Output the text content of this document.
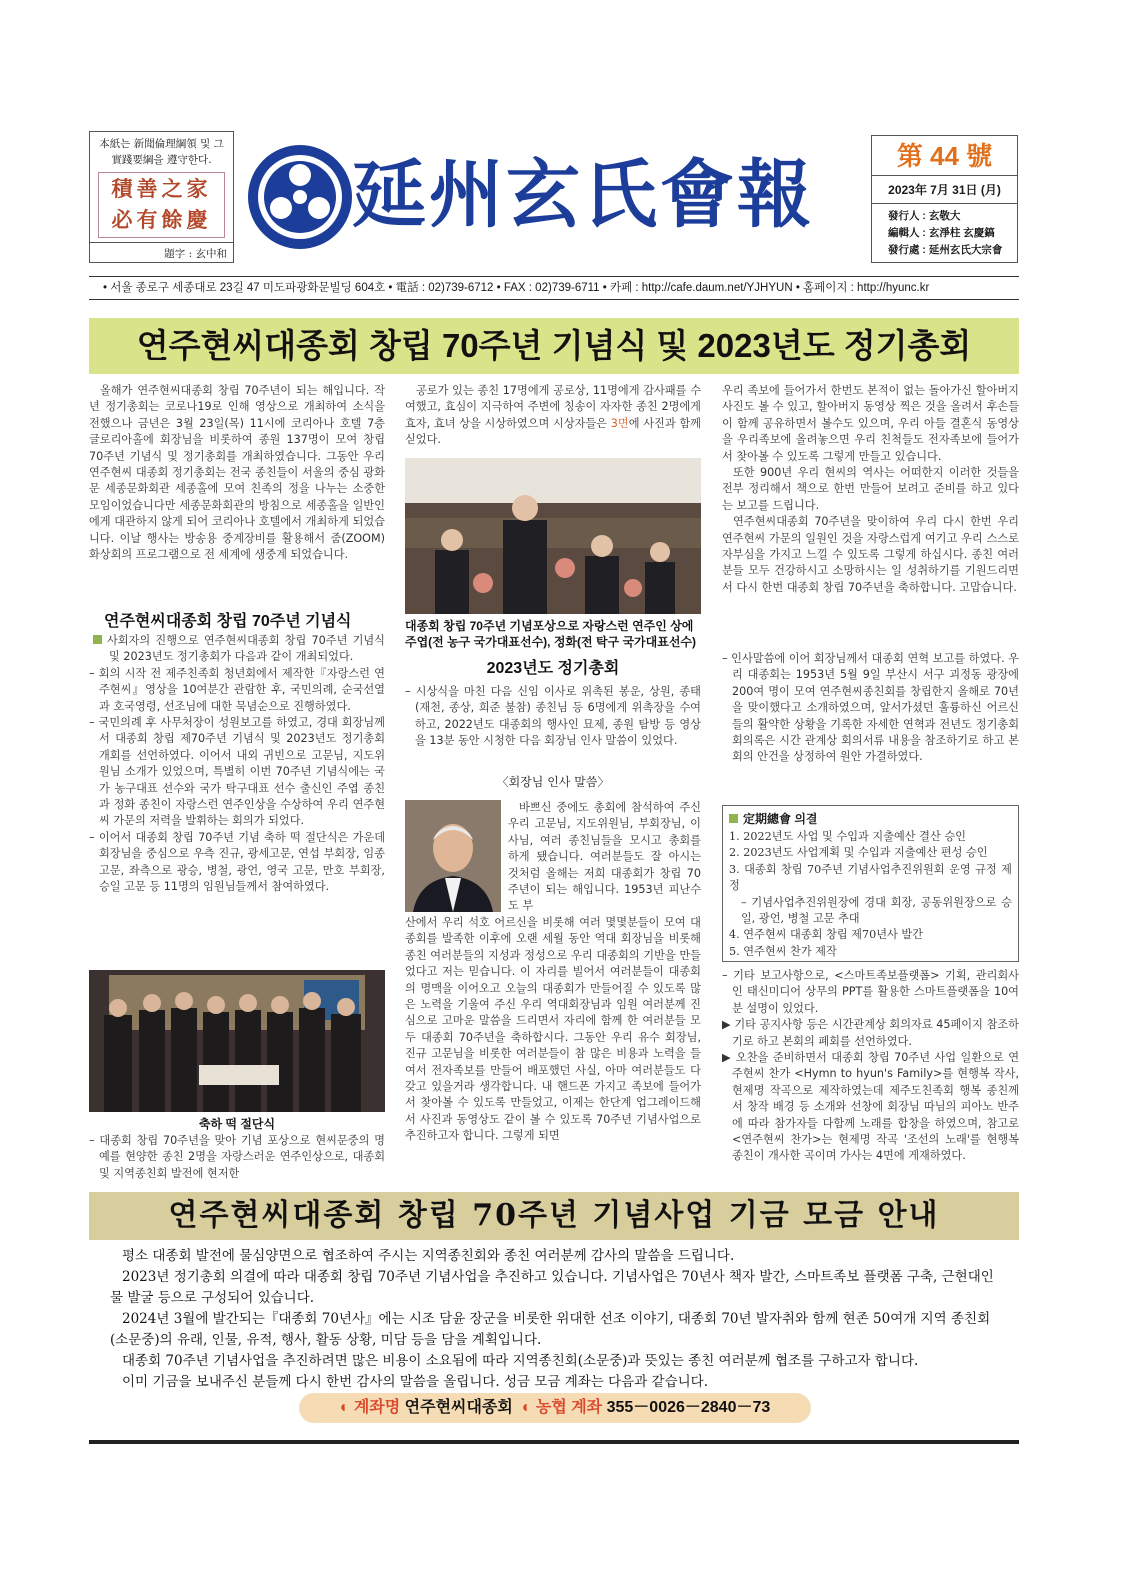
本紙는 新聞倫理綱領 및 그 實踐要綱을 遵守한다.
積善之家
必有餘慶
題字 : 玄中和
延州玄氏會報	第 44 號
2023年 7月 31日 (月)
發行人 : 玄敬大
編輯人 : 玄淨柱 玄慶鎬
發行處 : 延州玄氏大宗會
• 서울 종로구 세종대로 23길 47 미도파광화문빌딩 604호 • 電話 : 02)739-6712 • FAX : 02)739-6711 • 카페 : http://cafe.daum.net/YJHYUN • 홈페이지 : http://hyunc.kr
연주현씨대종회 창립 70주년 기념식 및 2023년도 정기총회

올해가 연주현씨대종회 창립 70주년이 되는 해입니다. 작년 정기총회는 코로나19로 인해 영상으로 개최하여 소식을 전했으나 금년은 3월 23일(목) 11시에 코리아나 호텔 7층 글로리아홀에 회장님을 비롯하여 종원 137명이 모여 창립 70주년 기념식 및 정기총회를 개최하였습니다. 그동안 우리 연주현씨 대종회 정기총회는 전국 종친들이 서울의 중심 광화문 세종문화회관 세종홀에 모여 친족의 정을 나누는 소중한 모임이었습니다만 세종문화회관의 방침으로 세종홀을 일반인에게 대관하지 않게 되어 코리아나 호텔에서 개최하게 되었습니다. 이날 행사는 방송용 중계장비를 활용해서 줌(ZOOM) 화상회의 프로그램으로 전 세계에 생중계 되었습니다.

연주현씨대종회 창립 70주년 기념식
사회자의 진행으로 연주현씨대종회 창립 70주년 기념식 및 2023년도 정기총회가 다음과 같이 개최되었다.
– 회의 시작 전 제주친족회 청년회에서 제작한『자랑스런 연주현씨』영상을 10여분간 관람한 후, 국민의례, 순국선열과 호국영령, 선조님에 대한 묵념순으로 진행하였다.
– 국민의례 후 사무처장이 성원보고를 하였고, 경대 회장님께서 대종회 창립 제70주년 기념식 및 2023년도 정기총회 개회를 선언하였다. 이어서 내외 귀빈으로 고문님, 지도위원님 소개가 있었으며, 특별히 이번 70주년 기념식에는 국가 농구대표 선수와 국가 탁구대표 선수 출신인 주엽 종친과 정화 종친이 자랑스런 연주인상을 수상하여 우리 연주현씨 가문의 저력을 발휘하는 회의가 되었다.
– 이어서 대종회 창립 70주년 기념 축하 떡 절단식은 가운데 회장님을 중심으로 우측 진규, 광세고문, 연섭 부회장, 임종 고문, 좌측으로 광승, 병철, 광언, 영국 고문, 만호 부회장, 승일 고문 등 11명의 임원님들께서 참여하였다.
축하 떡 절단식
– 대종회 창립 70주년을 맞아 기념 포상으로 현씨문중의 명예를 현양한 종친 2명을 자랑스러운 연주인상으로, 대종회 및 지역종친회 발전에 현저한

공로가 있는 종친 17명에게 공로상, 11명에게 감사패를 수여했고, 효심이 지극하여 주변에 칭송이 자자한 종친 2명에게 효자, 효녀 상을 시상하였으며 시상자들은 3면에 사진과 함께 싣었다.

대종회 창립 70주년 기념포상으로 자랑스런 연주인 상에 주엽(전 농구 국가대표선수), 정화(전 탁구 국가대표선수)
2023년도 정기총회
– 시상식을 마친 다음 신임 이사로 위촉된 봉운, 상원, 종태(재천, 종상, 희준 불참) 종친님 등 6명에게 위촉장을 수여하고, 2022년도 대종회의 행사인 묘제, 종원 탐방 등 영상을 13분 동안 시청한 다음 회장님 인사 말씀이 있었다.
〈회장님 인사 말씀〉

바쁘신 중에도 총회에 참석하여 주신 우리 고문님, 지도위원님, 부회장님, 이사님, 여러 종친님들을 모시고 총회를 하게 됐습니다. 여러분들도 잘 아시는 것처럼 올해는 저희 대종회가 창립 70주년이 되는 해입니다. 1953년 피난수도 부

산에서 우리 석호 어르신을 비롯해 여러 몇몇분들이 모여 대종회를 발족한 이후에 오랜 세월 동안 역대 회장님을 비롯해 종친 여러분들의 지성과 정성으로 우리 대종회의 기반을 만들었다고 저는 믿습니다. 이 자리를 빌어서 여러분들이 대종회의 명맥을 이어오고 오늘의 대종회가 만들어질 수 있도록 많은 노력을 기울여 주신 우리 역대회장님과 임원 여러분께 진심으로 고마운 말씀을 드리면서 자리에 함께 한 여러분들 모두 대종회 70주년을 축하합시다. 그동안 우리 유수 회장님, 진규 고문님을 비롯한 여러분들이 참 많은 비용과 노력을 들여서 전자족보를 만들어 배포했던 사실, 아마 여러분들도 다 갖고 있을거라 생각합니다. 내 핸드폰 가지고 족보에 들어가서 찾아볼 수 있도록 만들었고, 이제는 한단계 업그레이드해서 사진과 동영상도 같이 볼 수 있도록 70주년 기념사업으로 추진하고자 합니다. 그렇게 되면
우리 족보에 들어가서 한번도 본적이 없는 돌아가신 할아버지 사진도 볼 수 있고, 할아버지 동영상 찍은 것을 올려서 후손들이 함께 공유하면서 볼수도 있으며, 우리 아들 결혼식 동영상을 우리족보에 올려놓으면 우리 친척들도 전자족보에 들어가서 찾아볼 수 있도록 그렇게 만들고 있습니다.

또한 900년 우리 현씨의 역사는 어떠한지 이러한 것들을 전부 정리해서 책으로 한번 만들어 보려고 준비를 하고 있다는 보고를 드립니다.

연주현씨대종회 70주년을 맞이하여 우리 다시 한번 우리 연주현씨 가문의 일원인 것을 자랑스럽게 여기고 우리 스스로 자부심을 가지고 느낄 수 있도록 그렇게 하십시다. 종친 여러분들 모두 건강하시고 소망하시는 일 성취하기를 기원드리면서 다시 한번 대종회 창립 70주년을 축하합니다. 고맙습니다.

– 인사말씀에 이어 회장님께서 대종회 연혁 보고를 하였다. 우리 대종회는 1953년 5월 9일 부산시 서구 괴정동 광장에 200여 명이 모여 연주현씨종친회를 창립한지 올해로 70년을 맞이했다고 소개하였으며, 앞서가셨던 훌륭하신 어르신들의 활약한 상황을 기록한 자세한 연혁과 전년도 정기총회 회의록은 시간 관계상 회의서류 내용을 참조하기로 하고 본 회의 안건을 상정하여 원안 가결하였다.
定期總會 의결
1. 2022년도 사업 및 수입과 지출예산 결산 승인
2. 2023년도 사업계획 및 수입과 지출예산 편성 승인
3. 대종회 창립 70주년 기념사업추진위원회 운영 규정 제정
– 기념사업추진위원장에 경대 회장, 공동위원장으로 승일, 광언, 병철 고문 추대
4. 연주현씨 대종회 창립 제70년사 발간
5. 연주현씨 찬가 제작
– 기타 보고사항으로, <스마트족보플랫폼> 기획, 관리회사인 태신미디어 상무의 PPT를 활용한 스마트플랫폼을 10여분 설명이 있었다.
▶ 기타 공지사항 등은 시간관계상 회의자료 45페이지 참조하기로 하고 본회의 폐회를 선언하였다.
▶ 오찬을 준비하면서 대종회 창립 70주년 사업 일환으로 연주현씨 찬가 <Hymn to hyun's Family>를 현행복 작사, 현제명 작곡으로 제작하였는데 제주도친족회 행복 종친께서 창작 배경 등 소개와 선창에 회장님 따님의 피아노 반주에 따라 참가자들 다함께 노래를 합창을 하였으며, 참고로 <연주현씨 찬가>는 현제명 작곡 '조선의 노래'를 현행복 종친이 개사한 곡이며 가사는 4면에 게재하였다.
연주현씨대종회 창립 70주년 기념사업 기금 모금 안내

평소 대종회 발전에 물심양면으로 협조하여 주시는 지역종친회와 종친 여러분께 감사의 말씀을 드립니다.

2023년 정기총회 의결에 따라 대종회 창립 70주년 기념사업을 추진하고 있습니다. 기념사업은 70년사 책자 발간, 스마트족보 플랫폼 구축, 근현대인물 발굴 등으로 구성되어 있습니다.

2024년 3월에 발간되는『대종회 70년사』에는 시조 담윤 장군을 비롯한 위대한 선조 이야기, 대종회 70년 발자취와 함께 현존 50여개 지역 종친회(소문중)의 유래, 인물, 유적, 행사, 활동 상황, 미담 등을 담을 계획입니다.

대종회 70주년 기념사업을 추진하려면 많은 비용이 소요됨에 따라 지역종친회(소문중)과 뜻있는 종친 여러분께 협조를 구하고자 합니다.

이미 기금을 보내주신 분들께 다시 한번 감사의 말씀을 올립니다. 성금 모금 계좌는 다음과 같습니다.

◐ 계좌명 연주현씨대종회 ◐ 농협 계좌 355－0026－2840－73
